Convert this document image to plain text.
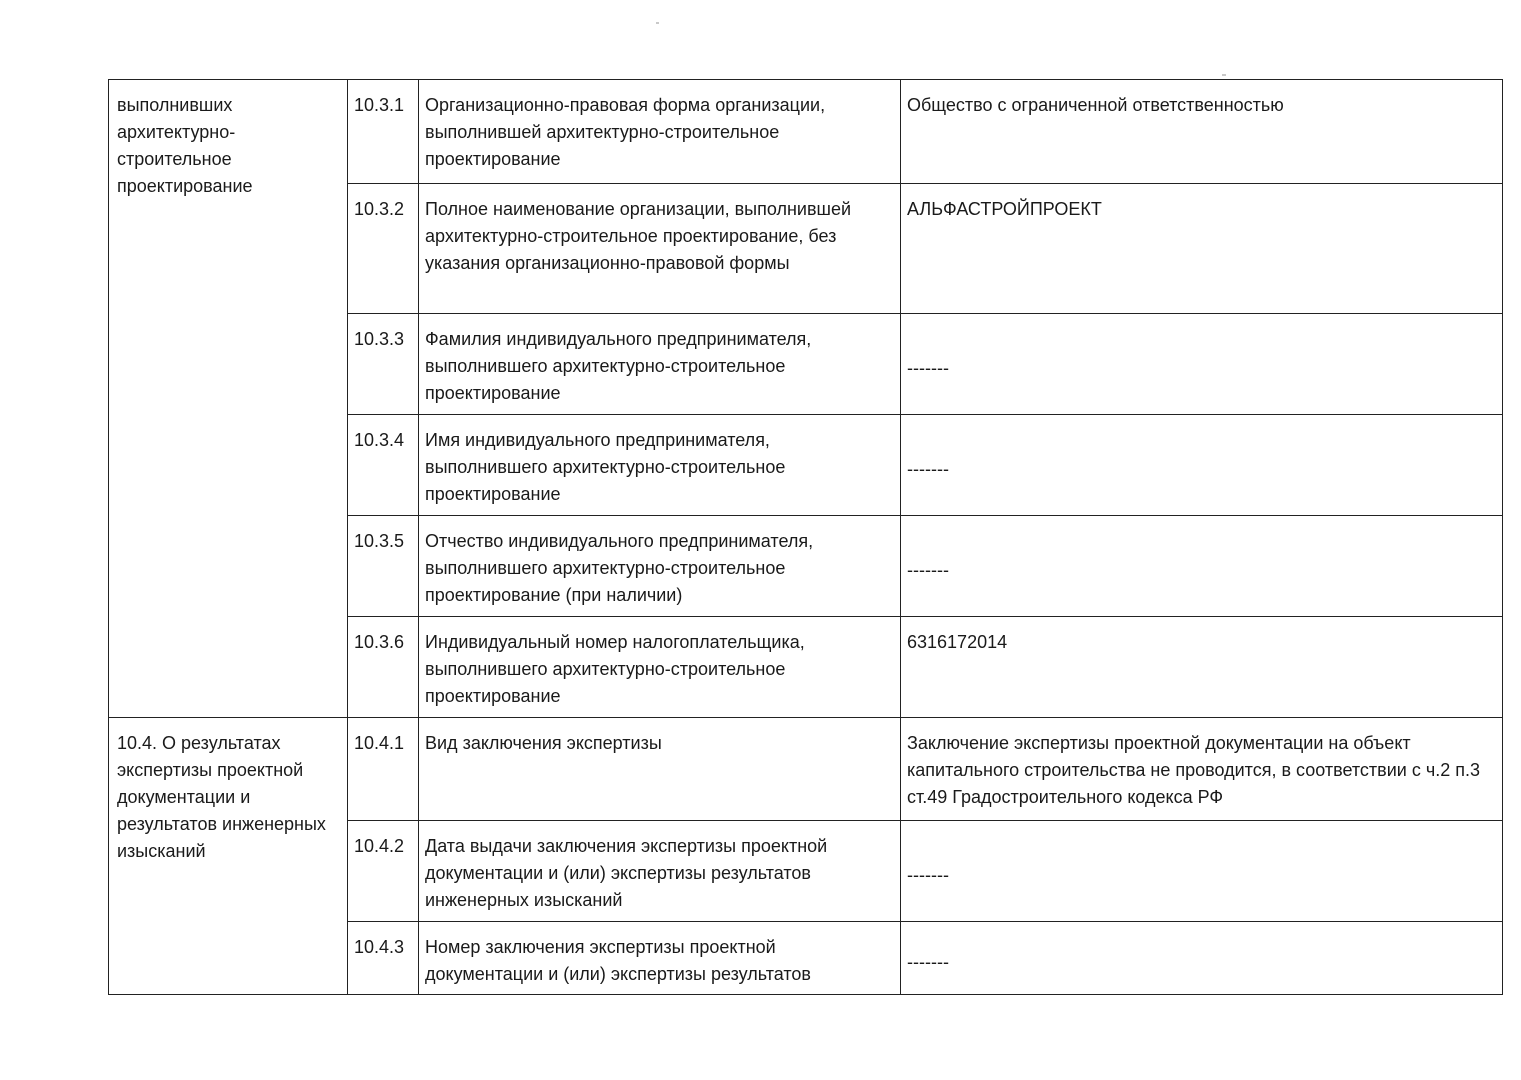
выполнивших архитектурно-строительное проектирование	10.3.1	Организационно-правовая форма организации, выполнившей архитектурно-строительное проектирование	Общество с ограниченной ответственностью
	10.3.2	Полное наименование организации, выполнившей архитектурно-строительное проектирование, без указания организационно-правовой формы	АЛЬФАСТРОЙПРОЕКТ
	10.3.3	Фамилия индивидуального предпринимателя, выполнившего архитектурно-строительное проектирование	-------
	10.3.4	Имя индивидуального предпринимателя, выполнившего архитектурно-строительное проектирование	-------
	10.3.5	Отчество индивидуального предпринимателя, выполнившего архитектурно-строительное проектирование (при наличии)	-------
	10.3.6	Индивидуальный номер налогоплательщика, выполнившего архитектурно-строительное проектирование	6316172014
10.4. О результатах экспертизы проектной документации и результатов инженерных изысканий	10.4.1	Вид заключения экспертизы	Заключение экспертизы проектной документации на объект капитального строительства не проводится, в соответствии с ч.2 п.3 ст.49 Градостроительного кодекса РФ
	10.4.2	Дата выдачи заключения экспертизы проектной документации и (или) экспертизы результатов инженерных изысканий	-------
	10.4.3	Номер заключения экспертизы проектной документации и (или) экспертизы результатов	-------
